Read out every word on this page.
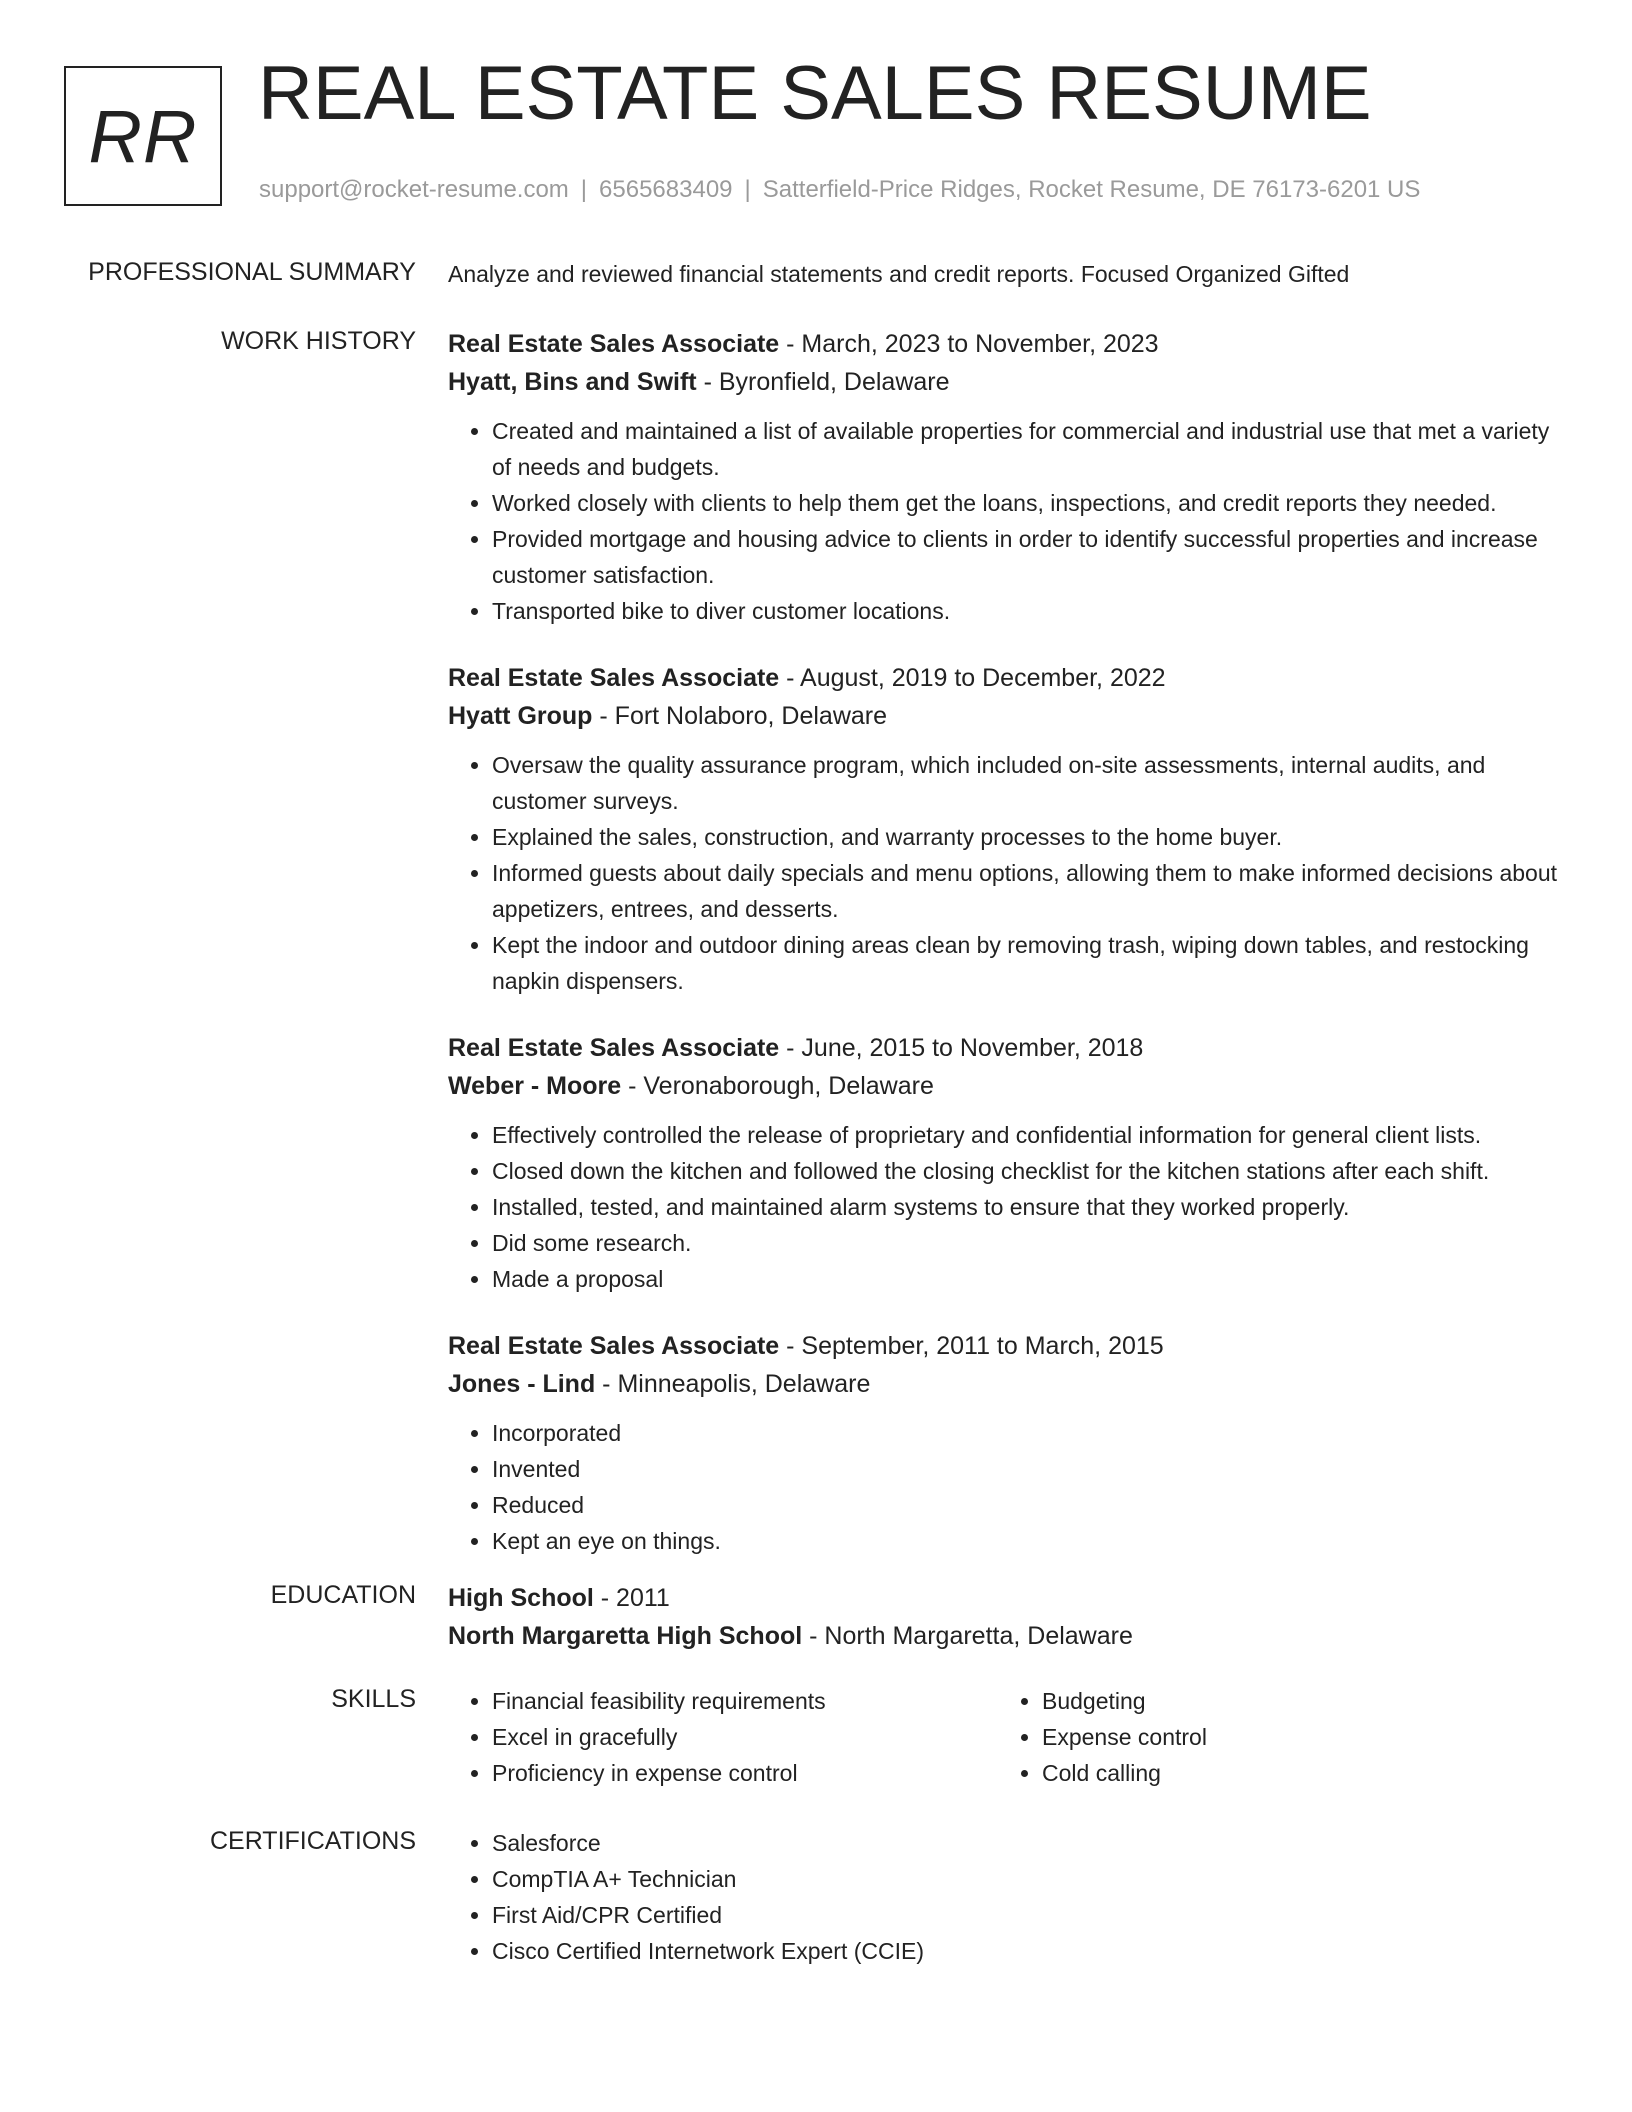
RR REAL ESTATE SALES RESUME
support@rocket-resume.com | 6565683409 | Satterfield-Price Ridges, Rocket Resume, DE 76173-6201 US
PROFESSIONAL SUMMARY Analyze and reviewed financial statements and credit reports. Focused Organized Gifted
WORK HISTORY Real Estate Sales Associate - March, 2023 to November, 2023
Hyatt, Bins and Swift - Byronfield, Delaware
• Created and maintained a list of available properties for commercial and industrial use that met a variety of needs and budgets.
• Worked closely with clients to help them get the loans, inspections, and credit reports they needed.
• Provided mortgage and housing advice to clients in order to identify successful properties and increase customer satisfaction.
• Transported bike to diver customer locations.
Real Estate Sales Associate - August, 2019 to December, 2022
Hyatt Group - Fort Nolaboro, Delaware
• Oversaw the quality assurance program, which included on-site assessments, internal audits, and customer surveys.
• Explained the sales, construction, and warranty processes to the home buyer.
• Informed guests about daily specials and menu options, allowing them to make informed decisions about appetizers, entrees, and desserts.
• Kept the indoor and outdoor dining areas clean by removing trash, wiping down tables, and restocking napkin dispensers.
Real Estate Sales Associate - June, 2015 to November, 2018
Weber - Moore - Veronaborough, Delaware
• Effectively controlled the release of proprietary and confidential information for general client lists.
• Closed down the kitchen and followed the closing checklist for the kitchen stations after each shift.
• Installed, tested, and maintained alarm systems to ensure that they worked properly.
• Did some research.
• Made a proposal
Real Estate Sales Associate - September, 2011 to March, 2015
Jones - Lind - Minneapolis, Delaware
• Incorporated
• Invented
• Reduced
• Kept an eye on things.
EDUCATION High School - 2011
North Margaretta High School - North Margaretta, Delaware
SKILLS	• Financial feasibility requirements
• Excel in gracefully
• Proficiency in expense control
• Budgeting
• Expense control
• Cold calling
CERTIFICATIONS	• Salesforce
• CompTIA A+ Technician
• First Aid/CPR Certified
• Cisco Certified Internetwork Expert (CCIE)
